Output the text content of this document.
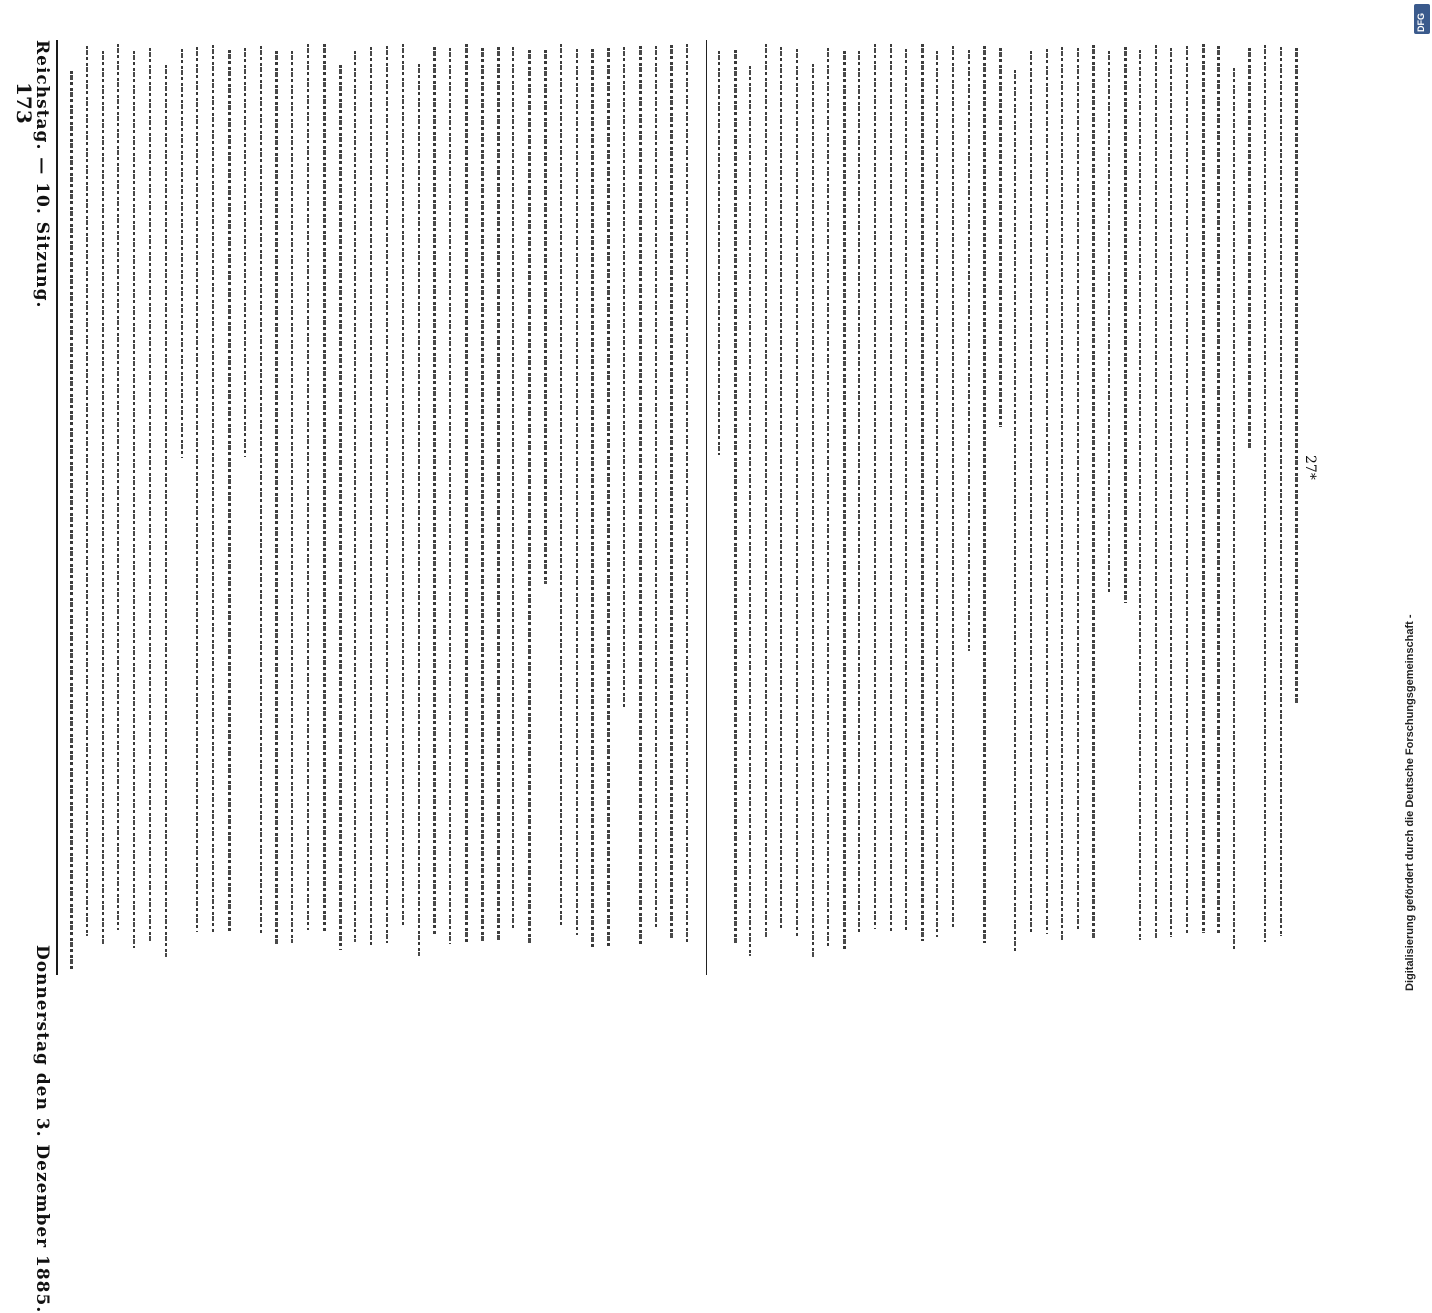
Reichstag. — 10. Sitzung.                                                                                            Donnerstag den 3. Dezember 1885.
173
27*
Digitalisierung gefördert durch die Deutsche Forschungsgemeinschaft -
DFG
